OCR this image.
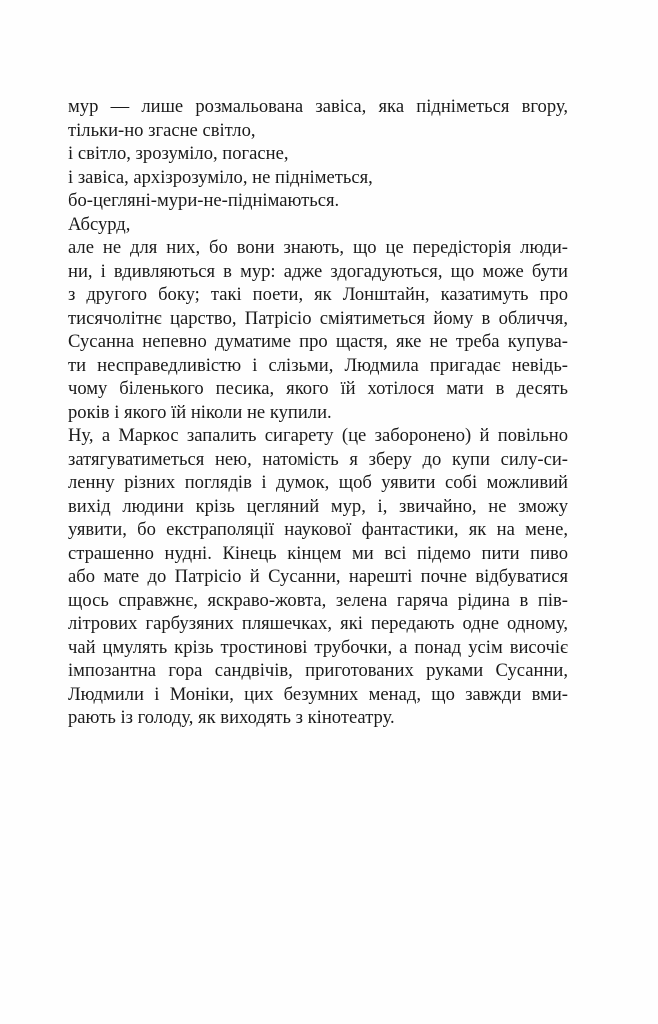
мур — лише розмальована завіса, яка підніметься вгору,
тільки-но згасне світло,
і світло, зрозуміло, погасне,
і завіса, архізрозуміло, не підніметься,
бо-цегляні-мури-не-піднімаються.
Абсурд,
але не для них, бо вони знають, що це передісторія люди-
ни, і вдивляються в мур: адже здогадуються, що може бути
з другого боку; такі поети, як Лонштайн, казатимуть про
тисячолітнє царство, Патрісіо сміятиметься йому в обличчя,
Сусанна непевно думатиме про щастя, яке не треба купува-
ти несправедливістю і слізьми, Людмила пригадає невідь-
чому біленького песика, якого їй хотілося мати в десять
років і якого їй ніколи не купили.
Ну, а Маркос запалить сигарету (це заборонено) й повільно
затягуватиметься нею, натомість я зберу до купи силу-си-
ленну різних поглядів і думок, щоб уявити собі можливий
вихід людини крізь цегляний мур, і, звичайно, не зможу
уявити, бо екстраполяції наукової фантастики, як на мене,
страшенно нудні. Кінець кінцем ми всі підемо пити пиво
або мате до Патрісіо й Сусанни, нарешті почне відбуватися
щось справжнє, яскраво-жовта, зелена гаряча рідина в пів-
літрових гарбузяних пляшечках, які передають одне одному,
чай цмулять крізь тростинові трубочки, а понад усім височіє
імпозантна гора сандвічів, приготованих руками Сусанни,
Людмили і Моніки, цих безумних менад, що завжди вми-
рають із голоду, як виходять з кінотеатру.
